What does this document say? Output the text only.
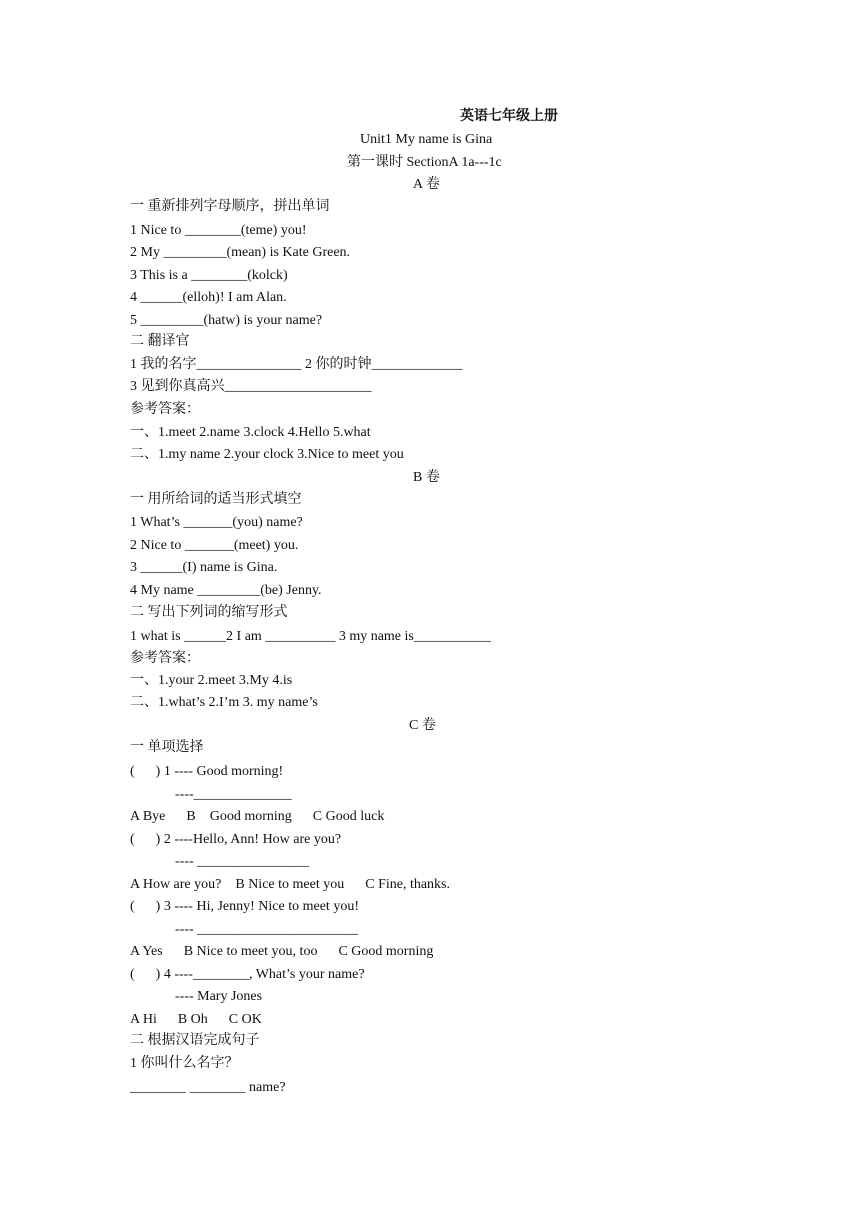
英语七年级上册
Unit1 My name is Gina
第一课时 SectionA 1a---1c
A 卷
一 重新排列字母顺序，拼出单词
1 Nice to ________(teme) you!
2 My _________(mean) is Kate Green.
3 This is a ________(kolck)
4 ______(elloh)! I am Alan.
5 _________(hatw) is your name?
二 翻译官
1 我的名字_______________ 2 你的时钟_____________
3 见到你真高兴_____________________
参考答案：
一、1.meet 2.name 3.clock 4.Hello 5.what
二、1.my name 2.your clock 3.Nice to meet you
B 卷
一 用所给词的适当形式填空
1 What’s _______(you) name?
2 Nice to _______(meet) you.
3 ______(I) name is Gina.
4 My name _________(be) Jenny.
二 写出下列词的缩写形式
1 what is ______2 I am __________ 3 my name is___________
参考答案：
一、1.your 2.meet 3.My 4.is
二、1.what’s 2.I’m 3. my name’s
C 卷
一 单项选择
(      ) 1 ---- Good morning!
----______________
A Bye      B    Good morning      C Good luck
(      ) 2 ----Hello, Ann! How are you?
---- ________________
A How are you?    B Nice to meet you      C Fine, thanks.
(      ) 3 ---- Hi, Jenny! Nice to meet you!
---- _______________________
A Yes      B Nice to meet you, too      C Good morning
(      ) 4 ----________, What’s your name?
---- Mary Jones
A Hi      B Oh      C OK
二 根据汉语完成句子
1 你叫什么名字？
________ ________ name?
